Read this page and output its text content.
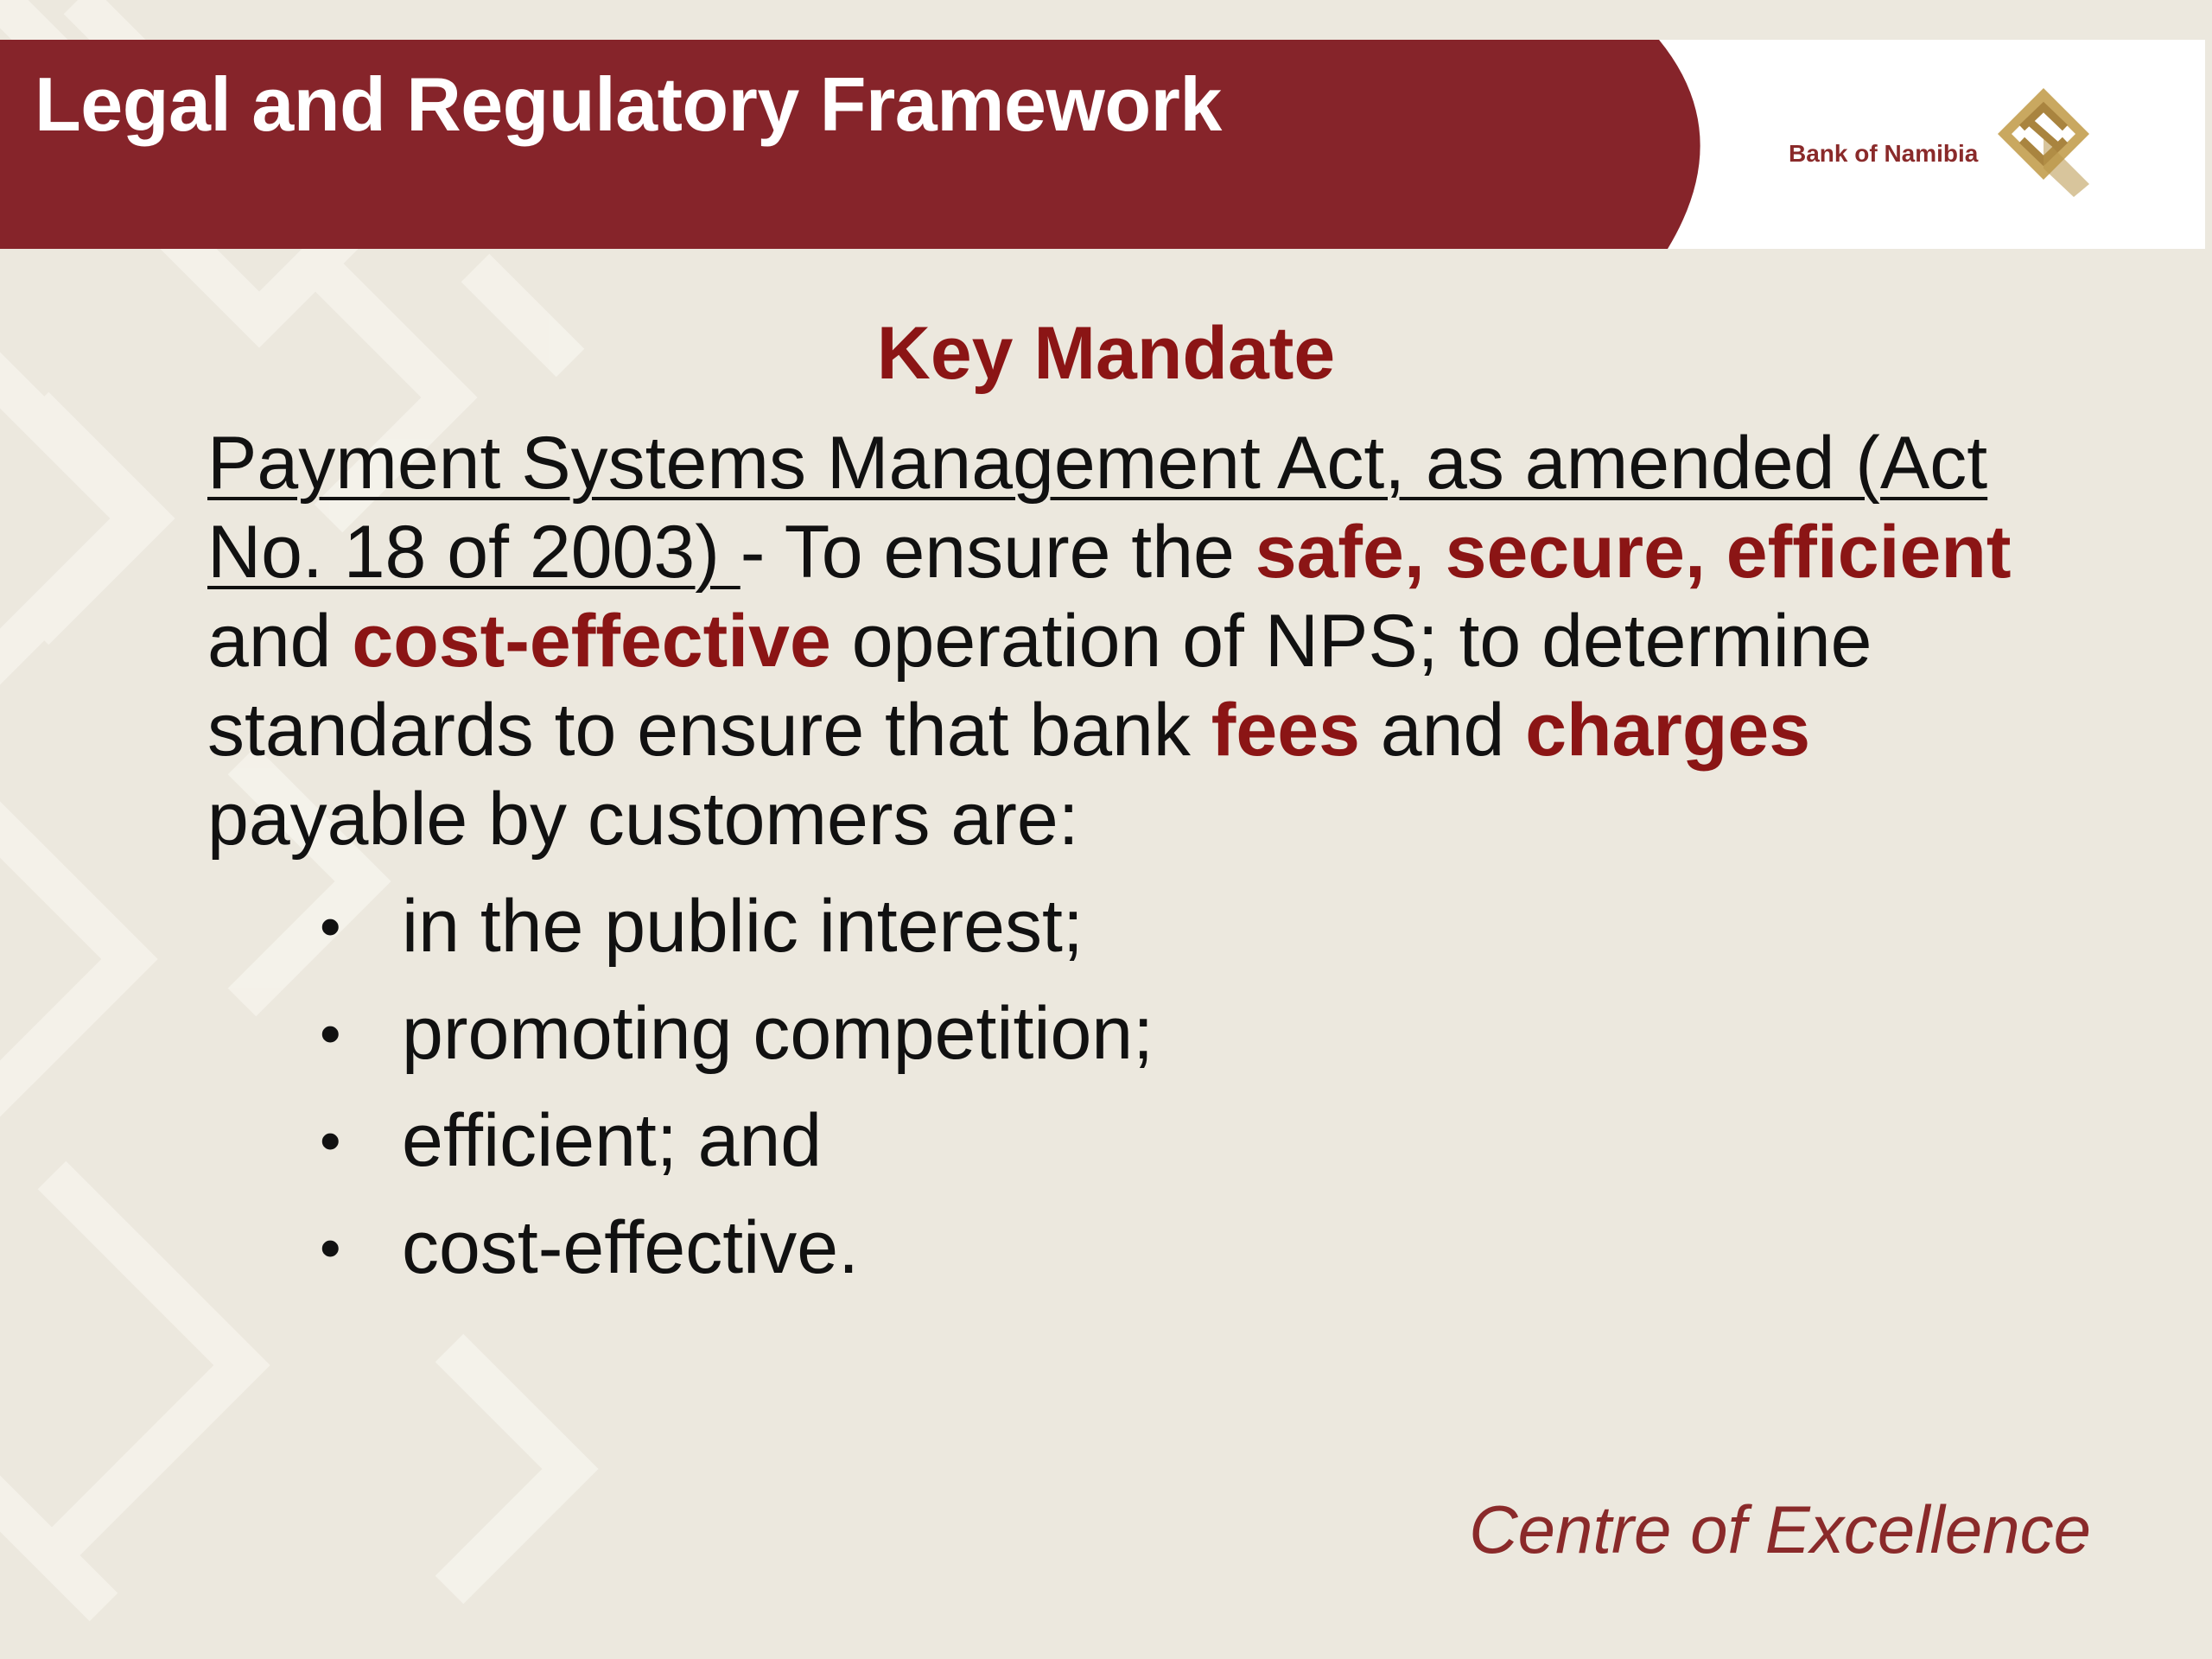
Legal and Regulatory Framework
Bank of Namibia
Key Mandate
Payment Systems Management Act, as amended (Act No. 18 of 2003) - To ensure the safe, secure, efficient and cost-effective operation of NPS; to determine standards to ensure that bank fees and charges payable by customers are:
• in the public interest;
• promoting competition;
• efficient; and
• cost-effective.
Centre of Excellence
